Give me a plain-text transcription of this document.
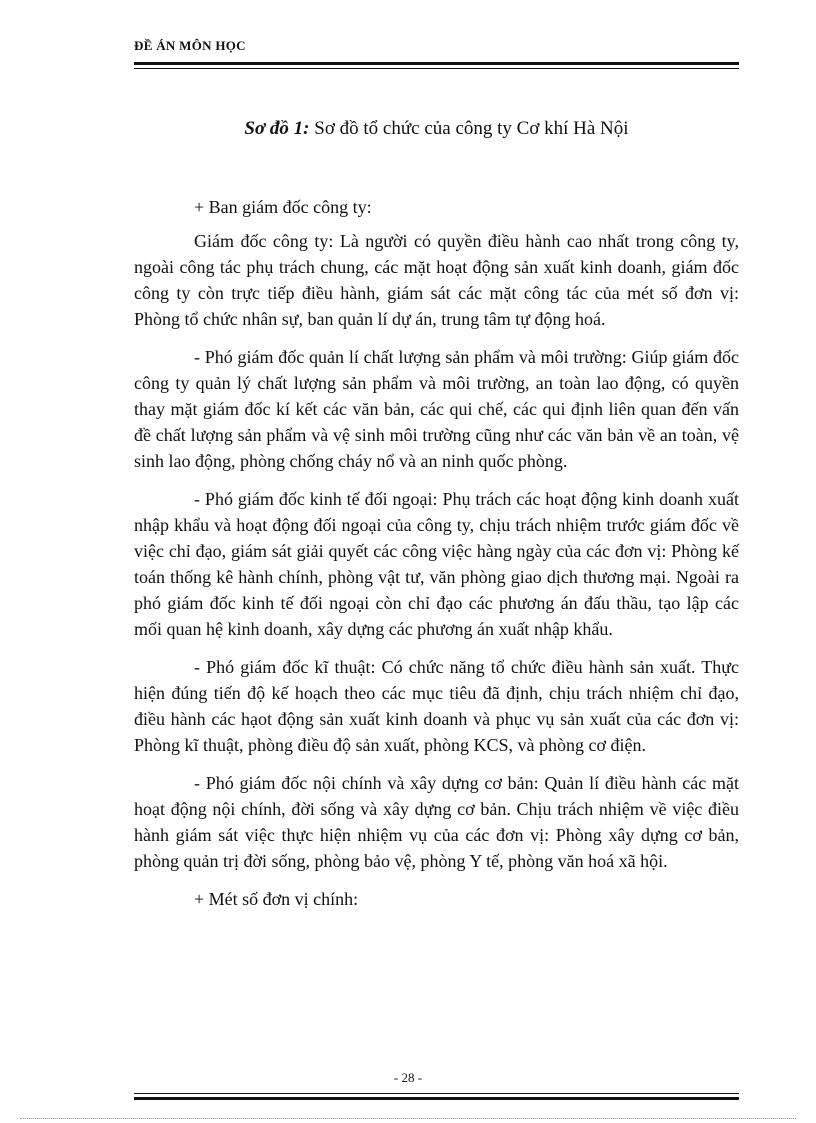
ĐỀ ÁN MÔN HỌC
Sơ đồ 1: Sơ đồ tổ chức của công ty Cơ khí Hà Nội

+ Ban giám đốc công ty:

Giám đốc công ty: Là người có quyền điều hành cao nhất trong công ty, ngoài công tác phụ trách chung, các mặt hoạt động sản xuất kinh doanh, giám đốc công ty còn trực tiếp điều hành, giám sát các mặt công tác của mét số đơn vị: Phòng tổ chức nhân sự, ban quản lí dự án, trung tâm tự động hoá.

- Phó giám đốc quản lí chất lượng sản phẩm và môi trường: Giúp giám đốc công ty quản lý chất lượng sản phẩm và môi trường, an toàn lao động, có quyền thay mặt giám đốc kí kết các văn bản, các qui chế, các qui định liên quan đến vấn đề chất lượng sản phẩm và vệ sinh môi trường cũng như các văn bản về an toàn, vệ sinh lao động, phòng chống cháy nổ và an ninh quốc phòng.

- Phó giám đốc kinh tế đối ngoại: Phụ trách các hoạt động kinh doanh xuất nhập khẩu và hoạt động đối ngoại của công ty, chịu trách nhiệm trước giám đốc về việc chỉ đạo, giám sát giải quyết các công việc hàng ngày của các đơn vị: Phòng kế toán thống kê hành chính, phòng vật tư, văn phòng giao dịch thương mại. Ngoài ra phó giám đốc kinh tế đối ngoại còn chỉ đạo các phương án đấu thầu, tạo lập các mối quan hệ kinh doanh, xây dựng các phương án xuất nhập khẩu.

- Phó giám đốc kĩ thuật: Có chức năng tổ chức điều hành sản xuất. Thực hiện đúng tiến độ kế hoạch theo các mục tiêu đã định, chịu trách nhiệm chỉ đạo, điều hành các hạot động sản xuất kinh doanh và phục vụ sản xuất của các đơn vị: Phòng kĩ thuật, phòng điều độ sản xuất, phòng KCS, và phòng cơ điện.

- Phó giám đốc nội chính và xây dựng cơ bản: Quản lí điều hành các mặt hoạt động nội chính, đời sống và xây dựng cơ bản. Chịu trách nhiệm về việc điều hành giám sát việc thực hiện nhiệm vụ của các đơn vị: Phòng xây dựng cơ bản, phòng quản trị đời sống, phòng bảo vệ, phòng Y tế, phòng văn hoá xã hội.

+ Mét số đơn vị chính:

- 28 -
